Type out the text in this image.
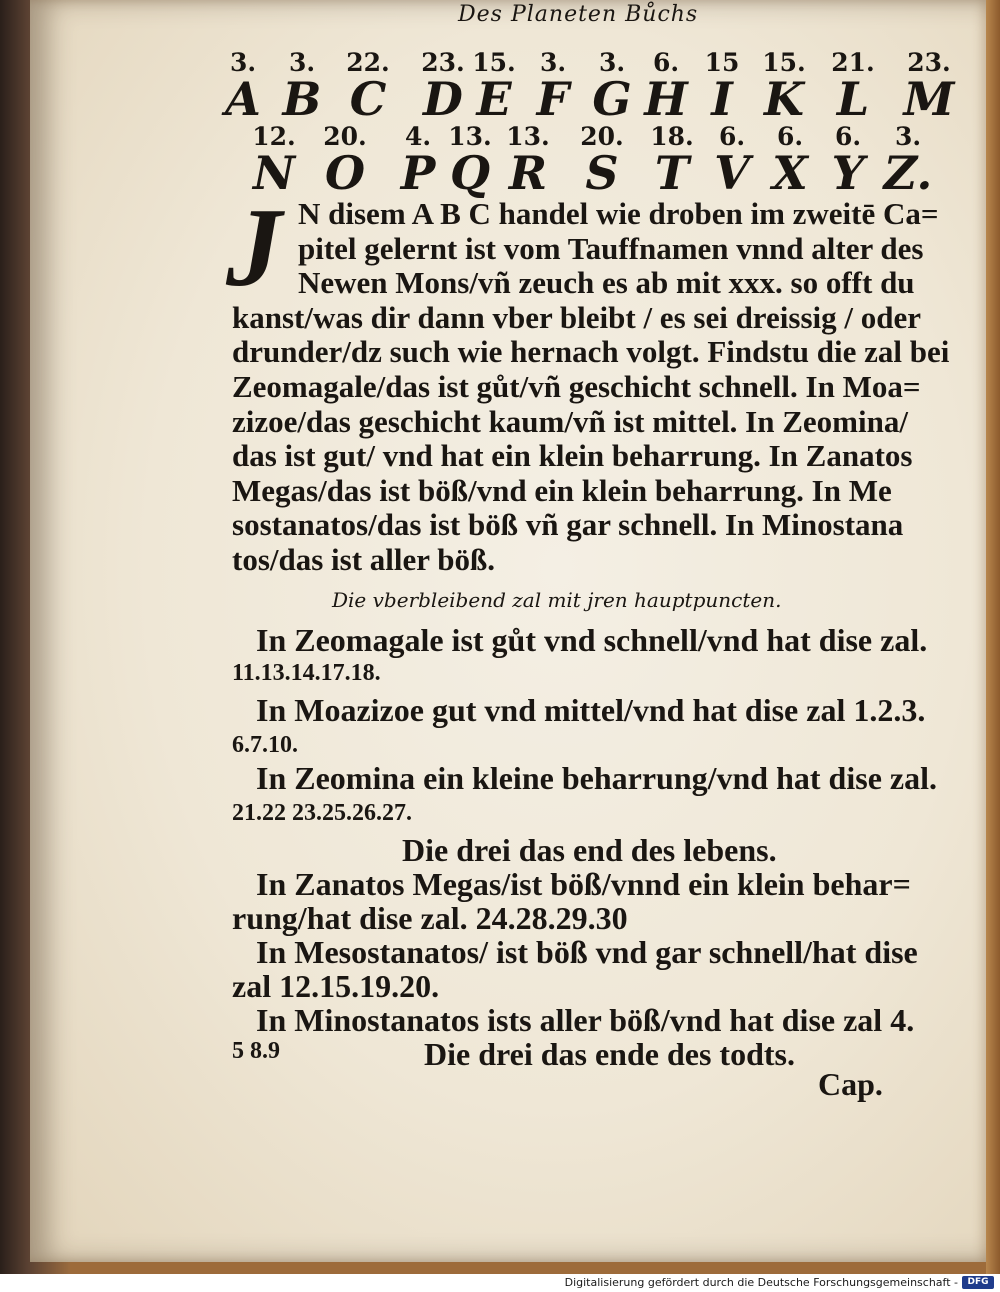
Des Planeten Bůchs
3. 3. 22. 23. 15. 3. 3. 6. 15 15. 21. 23.
A B C D E F G H I K L M
12. 20. 4. 13. 13. 20. 18. 6. 6. 6. 3.
N O P Q R S T V X Y Z.
J N disem A B C handel wie droben im zweitē Ca=
pitel gelernt ist vom Tauffnamen vnnd alter des
Newen Mons/vñ zeuch es ab mit xxx. so offt du
kanst/was dir dann vber bleibt / es sei dreissig / oder
drunder/dz such wie hernach volgt. Findstu die zal bei
Zeomagale/das ist gůt/vñ geschicht schnell. In Moa=
zizoe/das geschicht kaum/vñ ist mittel. In Zeomina/
das ist gut/ vnd hat ein klein beharrung. In Zanatos
Megas/das ist böß/vnd ein klein beharrung. In Me
sostanatos/das ist böß vñ gar schnell. In Minostana
tos/das ist aller böß.
Die vberbleibend zal mit jren hauptpuncten.
In Zeomagale ist gůt vnd schnell/vnd hat dise zal.
11.13.14.17.18.
In Moazizoe gut vnd mittel/vnd hat dise zal 1.2.3.
6.7.10.
In Zeomina ein kleine beharrung/vnd hat dise zal.
21.22 23.25.26.27.
Die drei das end des lebens.
In Zanatos Megas/ist böß/vnnd ein klein behar=
rung/hat dise zal. 24.28.29.30
In Mesostanatos/ ist böß vnd gar schnell/hat dise
zal 12.15.19.20.
In Minostanatos ists aller böß/vnd hat dise zal 4.
5 8.9	Die drei das ende des todts.
Cap.
Digitalisierung gefördert durch die Deutsche Forschungsgemeinschaft -	DFG
